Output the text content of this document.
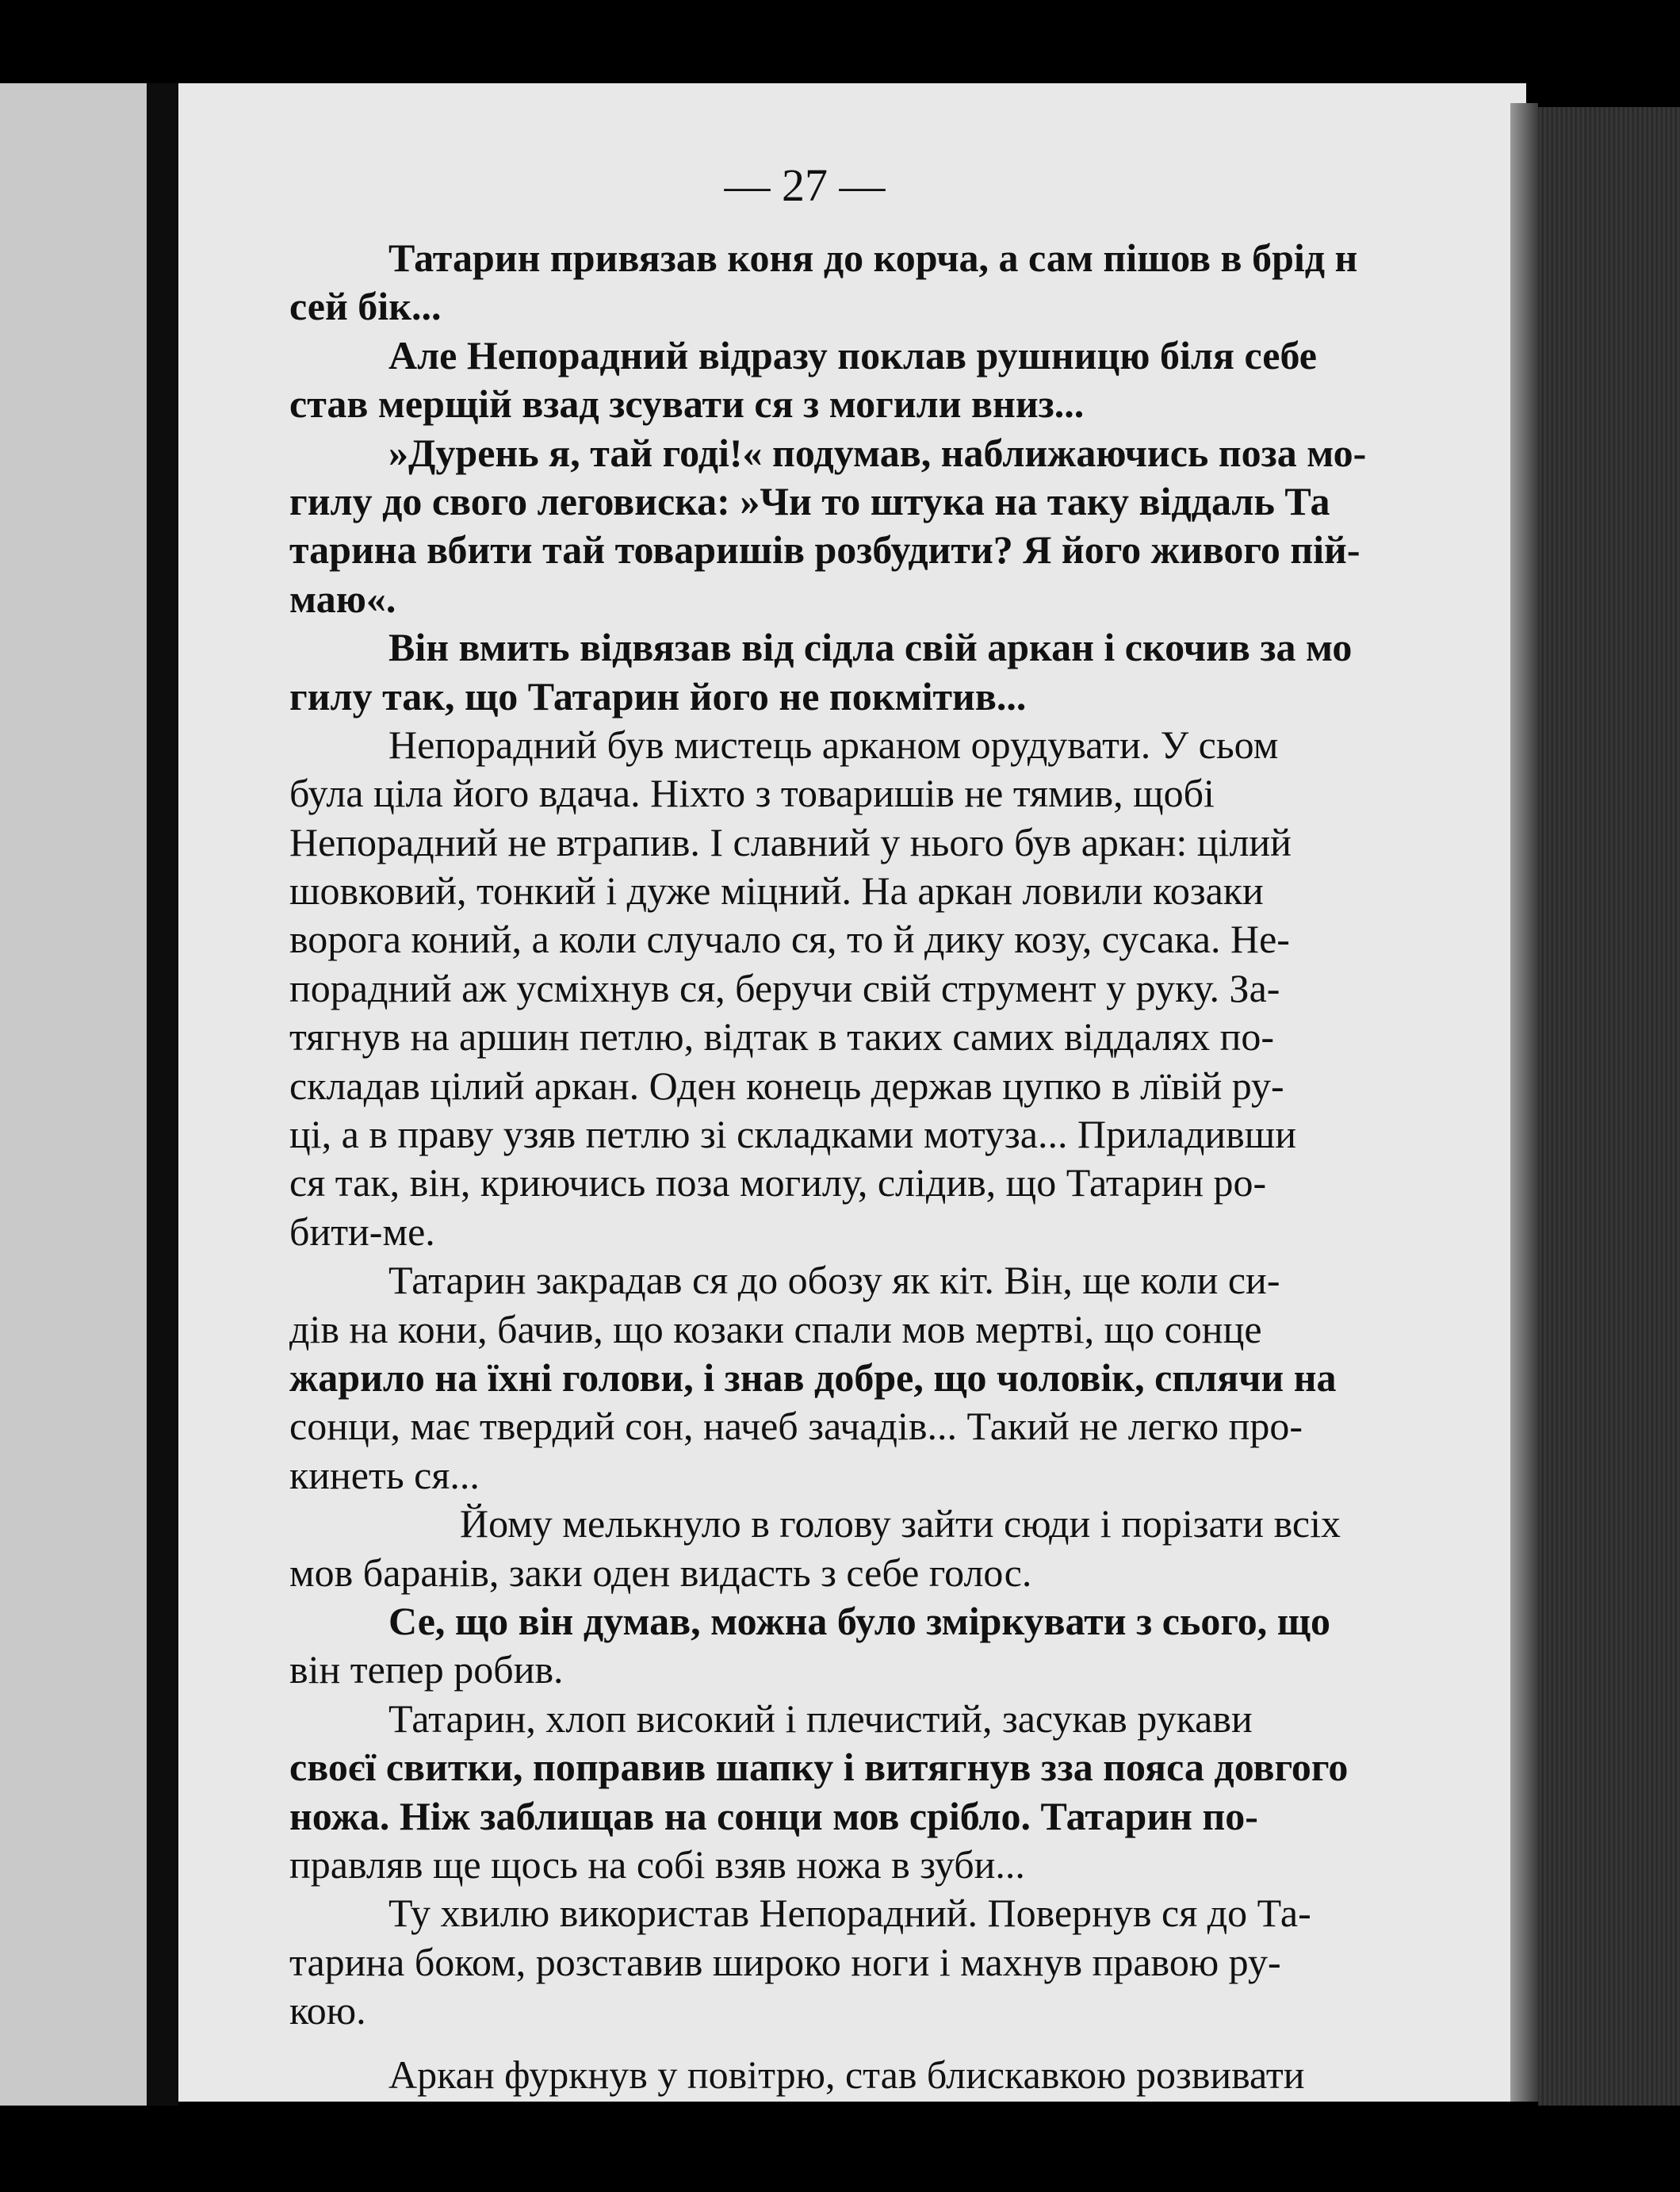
— 27 —
Татарин привязав коня до корча, а сам пішов в брід н
сей бік...
Але Непорадний відразу поклав рушницю біля себе
став мерщій взад зсувати ся з могили вниз...
»Дурень я, тай годі!« подумав, наближаючись поза мо-
гилу до свого леговиска: »Чи то штука на таку віддаль Та
тарина вбити тай товаришів розбудити? Я його живого пій-
маю«.
Він вмить відвязав від сідла свій аркан і скочив за мо
гилу так, що Татарин його не покмітив...
Непорадний був мистець арканом орудувати. У сьом
була ціла його вдача. Ніхто з товаришів не тямив, щобі
Непорадний не втрапив. І славний у нього був аркан: цілий
шовковий, тонкий і дуже міцний. На аркан ловили козаки
ворога коний, а коли случало ся, то й дику козу, сусака. Не-
порадний аж усміхнув ся, беручи свій струмент у руку. За-
тягнув на аршин петлю, відтак в таких самих віддалях по-
складав цілий аркан. Оден конець держав цупко в лївій ру-
ці, а в праву узяв петлю зі складками мотуза... Приладивши
ся так, він, криючись поза могилу, слідив, що Татарин ро-
бити-ме.
Татарин закрадав ся до обозу як кіт. Він, ще коли си-
дів на кони, бачив, що козаки спали мов мертві, що сонце
жарило на їхні голови, і знав добре, що чоловік, сплячи на
сонци, має твердий сон, начеб зачадів... Такий не легко про-
кинеть ся...
Йому мелькнуло в голову зайти сюди і порізати всіх
мов баранів, заки оден видасть з себе голос.
Се, що він думав, можна було зміркувати з сього, що
він тепер робив.
Татарин, хлоп високий і плечистий, засукав рукави
своєї свитки, поправив шапку і витягнув зза пояса довгого
ножа. Ніж заблищав на сонци мов срібло. Татарин по-
правляв ще щось на собі взяв ножа в зуби...
Ту хвилю використав Непорадний. Повернув ся до Та-
тарина боком, розставив широко ноги і махнув правою ру-
кою.
Аркан фуркнув у повітрю, став блискавкою розвивати
